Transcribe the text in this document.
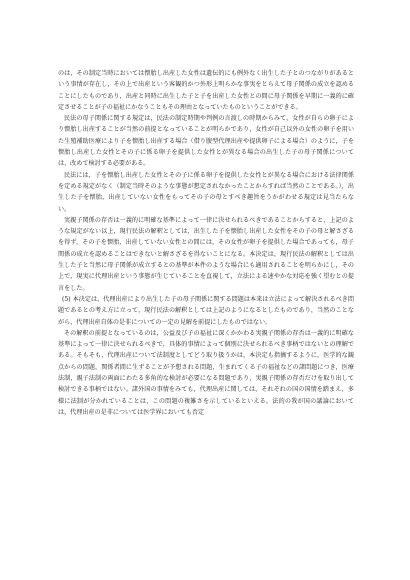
のは，その制定当時においては懐胎し出産した女性は遺伝的にも例外なく出生した子とのつながりがあるという事情が存在し，その上で出産という客観的かつ外形上明らかな事実をとらえて母子関係の成立を認めることにしたものであり，出産と同時に出生した子と子を出産した女性との間に母子関係を早期に一義的に確定させることが子の福祉にかなうこともその理由となっていたものということができる。

民法の母子関係に関する規定は，民法の制定時期や判例の言渡しの時期からみて，女性が自らの卵子により懐胎し出産することが当然の前提となっていることが明らかであり，女性が自己以外の女性の卵子を用いた生殖補助医療により子を懐胎し出産する場合（借り腹型代理出産や提供卵子による場合）のように，子を懐胎し出産した女性とその子に係る卵子を提供した女性とが異なる場合の出生した子の母子関係については，改めて検討する必要がある。

民法には，子を懐胎し出産した女性とその子に係る卵子を提供した女性とが異なる場合における法律関係を定める規定がなく（制定当時そのような事態が想定されなかったことからすれば当然のことである。），出生した子を懐胎，出産していない女性をもってその子の母とすべき趣旨をうかがわせる規定は見当たらない。

実親子関係の存否は一義的に明確な基準によって一律に決せられるべきであることからすると，上記のような規定がない以上，現行民法の解釈としては，出生した子を懐胎し出産した女性をその子の母と解さざるを得ず，その子を懐胎，出産していない女性との間には，その女性が卵子を提供した場合であっても，母子関係の成立を認めることはできないと解さざるを得ないことになる。本決定は，現行民法の解釈としては出生した子と当然に母子関係が成立するとの基準が本件のような場合にも適用されることを明らかにし，その上で，現実に代理出産という事態が生じていることを直視して，立法による速やかな対応を強く望むとの提言をした。

(5) 本決定は，代理出産により出生した子の母子関係に関する問題は本来は立法によって解決されるべき問題であるとの考え方に立って，現行民法の解釈としては上記のようになるとしたものであり，当然のことながら，代理出産自体の是非についての一定の見解を前提にしたものではない。

その解釈の前提となっているのは，公益及び子の福祉に深くかかわる実親子関係の存否は一義的に明確な基準によって一律に決せられるべきで，具体的事情によって個別に決せられるべき事柄ではないとの理解である。そもそも，代理出産について法制度としてどう取り扱うかは，本決定も指摘するように，医学的な観点からの問題，関係者間に生ずることが予想される問題，生まれてくる子の福祉などの諸問題につき，医療法制，親子法制の両面にわたる多角的な検討が必要になる問題であり，実親子関係の存否だけを取り出して検討できる事柄ではない。諸外国の事情をみても，代理出産に関しては，それぞれの国の国情を踏まえ，多様に法制が分かれていることは，この問題の複雑さを示しているといえる。法的の我が国の議論においては，代理出産の是非については医学界においても否定
